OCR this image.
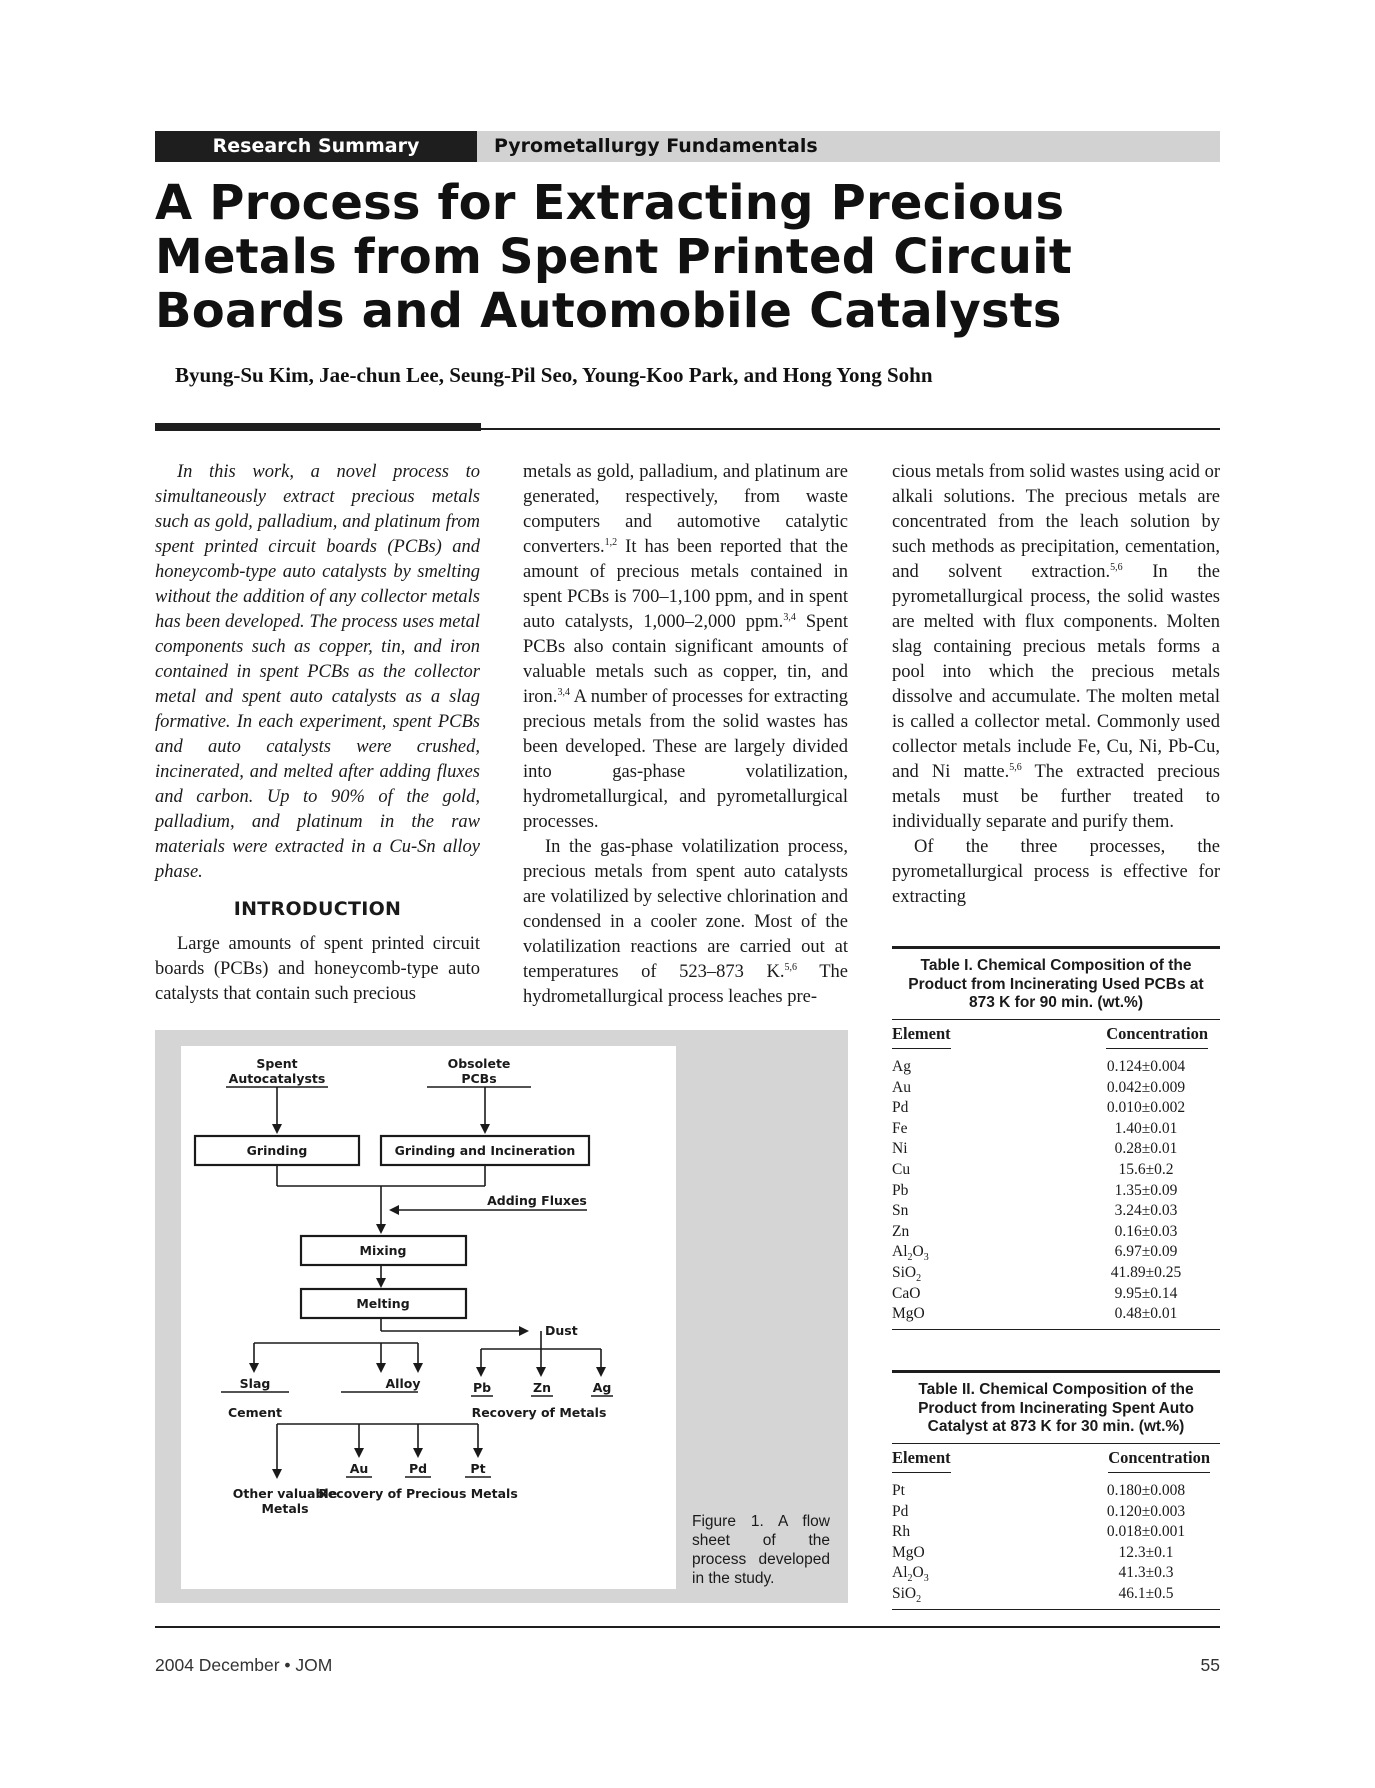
Research Summary	Pyrometallurgy Fundamentals
A Process for Extracting Precious Metals from Spent Printed Circuit Boards and Automobile Catalysts
Byung-Su Kim, Jae-chun Lee, Seung-Pil Seo, Young-Koo Park, and Hong Yong Sohn

In this work, a novel process to simultaneously extract precious metals such as gold, palladium, and platinum from spent printed circuit boards (PCBs) and honeycomb-type auto catalysts by smelting without the addition of any collector metals has been developed. The process uses metal components such as copper, tin, and iron contained in spent PCBs as the collector metal and spent auto catalysts as a slag formative. In each experiment, spent PCBs and auto catalysts were crushed, incinerated, and melted after adding fluxes and carbon. Up to 90% of the gold, palladium, and platinum in the raw materials were extracted in a Cu-Sn alloy phase.

INTRODUCTION

Large amounts of spent printed circuit boards (PCBs) and honeycomb-type auto catalysts that contain such precious

metals as gold, palladium, and platinum are generated, respectively, from waste computers and automotive catalytic converters.$^{1,2}$ It has been reported that the amount of precious metals contained in spent PCBs is 700–1,100 ppm, and in spent auto catalysts, 1,000–2,000 ppm.$^{3,4}$ Spent PCBs also contain significant amounts of valuable metals such as copper, tin, and iron.$^{3,4}$ A number of processes for extracting precious metals from the solid wastes has been developed. These are largely divided into gas-phase volatilization, hydrometallurgical, and pyrometallurgical processes.

In the gas-phase volatilization process, precious metals from spent auto catalysts are volatilized by selective chlorination and condensed in a cooler zone. Most of the volatilization reactions are carried out at temperatures of 523–873 K.$^{5,6}$ The hydrometallurgical process leaches pre-

cious metals from solid wastes using acid or alkali solutions. The precious metals are concentrated from the leach solution by such methods as precipitation, cementation, and solvent extraction.$^{5,6}$ In the pyrometallurgical process, the solid wastes are melted with flux components. Molten slag containing precious metals forms a pool into which the precious metals dissolve and accumulate. The molten metal is called a collector metal. Commonly used collector metals include Fe, Cu, Ni, Pb-Cu, and Ni matte.$^{5,6}$ The extracted precious metals must be further treated to individually separate and purify them.

Of the three processes, the pyrometallurgical process is effective for extracting

Spent
Autocatalysts
Obsolete
PCBs
Grinding	Grinding and Incineration
Adding Fluxes
Mixing
Melting
Dust
Slag
Cement
Alloy	Pb	Zn	Ag
Recovery of Metals
Au	Pd	Pt
Other valuable
Metals
Recovery of Precious Metals
Figure 1. A flow sheet of the process developed in the study.
Table I. Chemical Composition of the Product from Incinerating Used PCBs at 873 K for 90 min. (wt.%)
Element	Concentration
Ag	0.124±0.004
Au	0.042±0.009
Pd	0.010±0.002
Fe	1.40±0.01
Ni	0.28±0.01
Cu	15.6±0.2
Pb	1.35±0.09
Sn	3.24±0.03
Zn	0.16±0.03
$Al_2O_3$	6.97±0.09
SiO$_2$	41.89±0.25
CaO	9.95±0.14
MgO	0.48±0.01
Table II. Chemical Composition of the Product from Incinerating Spent Auto Catalyst at 873 K for 30 min. (wt.%)
Element	Concentration
Pt	0.180±0.008
Pd	0.120±0.003
Rh	0.018±0.001
MgO	12.3±0.1
$Al_2O_3$	41.3±0.3
SiO$_2$	46.1±0.5
2004 December • JOM	55
